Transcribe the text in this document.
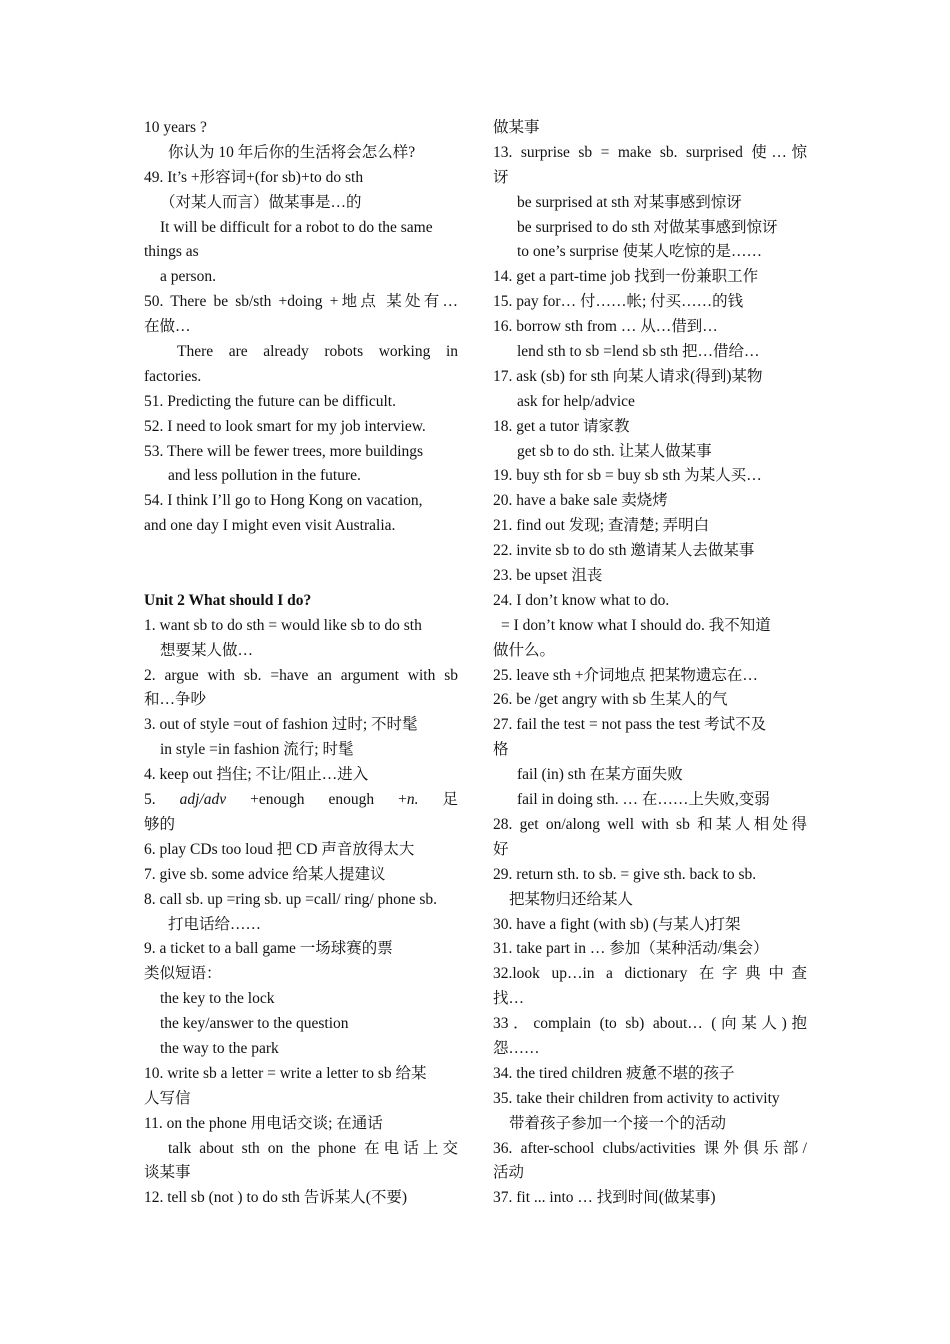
10 years ?
你认为 10 年后你的生活将会怎么样?
49. It’s +形容词+(for sb)+to do sth
（对某人而言）做某事是…的
It will be difficult for a robot to do the same
things as
a person.
50. There be sb/sth +doing +地点 某处有…
在做…
There are already robots working in
factories.
51. Predicting the future can be difficult.
52. I need to look smart for my job interview.
53. There will be fewer trees, more buildings
and less pollution in the future.
54. I think I’ll go to Hong Kong on vacation,
and one day I might even visit Australia.
Unit 2 What should I do?
1. want sb to do sth = would like sb to do sth
想要某人做…
2. argue with sb. =have an argument with sb
和…争吵
3. out of style =out of fashion 过时; 不时髦
in style =in fashion 流行; 时髦
4. keep out 挡住; 不让/阻止…进入
5. adj/adv +enough enough +n. 足
够的
6. play CDs too loud 把 CD 声音放得太大
7. give sb. some advice 给某人提建议
8. call sb. up =ring sb. up =call/ ring/ phone sb.
打电话给……
9. a ticket to a ball game 一场球赛的票
类似短语：
the key to the lock
the key/answer to the question
the way to the park
10. write sb a letter = write a letter to sb 给某
人写信
11. on the phone 用电话交谈; 在通话
talk about sth on the phone 在电话上交
谈某事
12. tell sb (not ) to do sth 告诉某人(不要)
做某事
13. surprise sb = make sb. surprised 使…惊
讶
be surprised at sth 对某事感到惊讶
be surprised to do sth 对做某事感到惊讶
to one’s surprise 使某人吃惊的是……
14. get a part-time job 找到一份兼职工作
15. pay for… 付……帐; 付买……的钱
16. borrow sth from … 从…借到…
lend sth to sb =lend sb sth 把…借给…
17. ask (sb) for sth 向某人请求(得到)某物
ask for help/advice
18. get a tutor 请家教
get sb to do sth. 让某人做某事
19. buy sth for sb = buy sb sth 为某人买…
20. have a bake sale 卖烧烤
21. find out 发现; 查清楚; 弄明白
22. invite sb to do sth 邀请某人去做某事
23. be upset 沮丧
24. I don’t know what to do.
= I don’t know what I should do. 我不知道
做什么。
25. leave sth +介词地点 把某物遗忘在…
26. be /get angry with sb 生某人的气
27. fail the test = not pass the test 考试不及
格
fail (in) sth 在某方面失败
fail in doing sth. … 在……上失败,变弱
28. get on/along well with sb 和某人相处得
好
29. return sth. to sb. = give sth. back to sb.
把某物归还给某人
30. have a fight (with sb) (与某人)打架
31. take part in … 参加（某种活动/集会）
32.look up…in a dictionary 在字典中查
找…
33．complain (to sb) about… (向某人)抱
怨……
34. the tired children 疲惫不堪的孩子
35. take their children from activity to activity
带着孩子参加一个接一个的活动
36. after-school clubs/activities 课外俱乐部/
活动
37. fit ... into … 找到时间(做某事)
